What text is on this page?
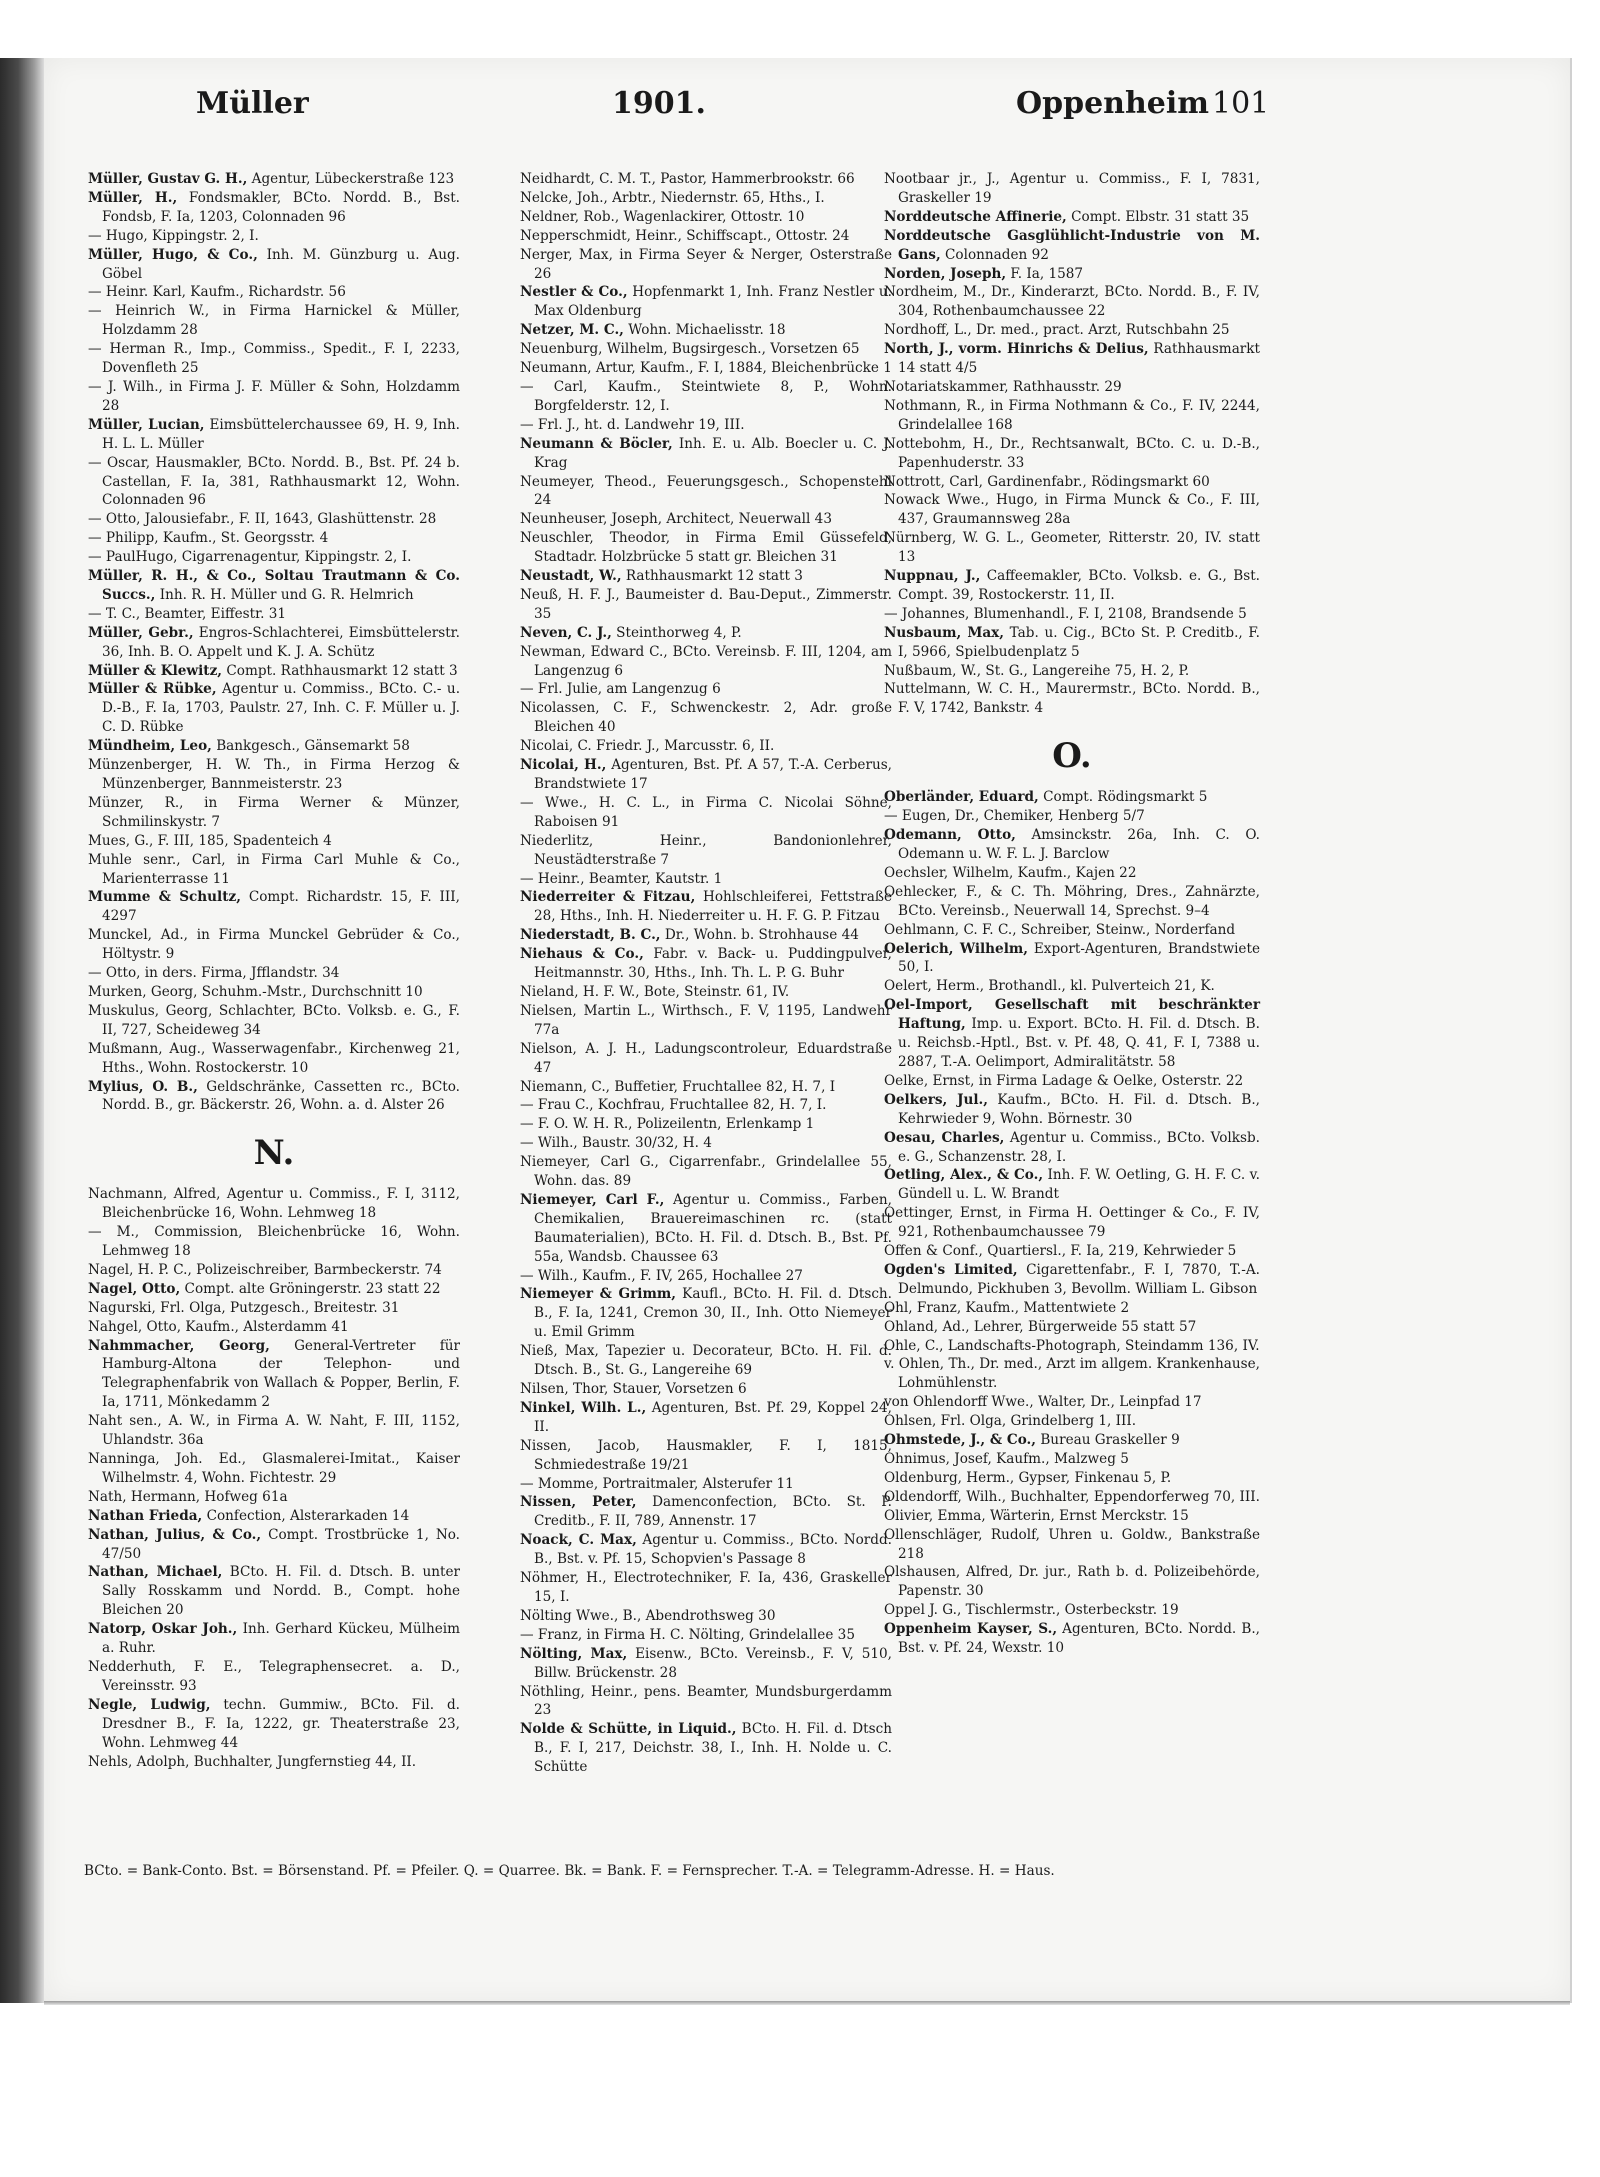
Müller	1901.	Oppenheim 101

Müller, Gustav G. H., Agentur, Lübeckerstraße 123

Müller, H., Fondsmakler, BCto. Nordd. B., Bst. Fondsb, F. Ia, 1203, Colonnaden 96

— Hugo, Kippingstr. 2, I.

Müller, Hugo, & Co., Inh. M. Günzburg u. Aug. Göbel

— Heinr. Karl, Kaufm., Richardstr. 56

— Heinrich W., in Firma Harnickel & Müller, Holzdamm 28

— Herman R., Imp., Commiss., Spedit., F. I, 2233, Dovenfleth 25

— J. Wilh., in Firma J. F. Müller & Sohn, Holzdamm 28

Müller, Lucian, Eimsbüttelerchaussee 69, H. 9, Inh. H. L. L. Müller

— Oscar, Hausmakler, BCto. Nordd. B., Bst. Pf. 24 b. Castellan, F. Ia, 381, Rathhausmarkt 12, Wohn. Colonnaden 96

— Otto, Jalousiefabr., F. II, 1643, Glashüttenstr. 28

— Philipp, Kaufm., St. Georgsstr. 4

— PaulHugo, Cigarrenagentur, Kippingstr. 2, I.

Müller, R. H., & Co., Soltau Trautmann & Co. Succs., Inh. R. H. Müller und G. R. Helmrich

— T. C., Beamter, Eiffestr. 31

Müller, Gebr., Engros-Schlachterei, Eimsbüttelerstr. 36, Inh. B. O. Appelt und K. J. A. Schütz

Müller & Klewitz, Compt. Rathhausmarkt 12 statt 3

Müller & Rübke, Agentur u. Commiss., BCto. C.- u. D.-B., F. Ia, 1703, Paulstr. 27, Inh. C. F. Müller u. J. C. D. Rübke

Mündheim, Leo, Bankgesch., Gänsemarkt 58

Münzenberger, H. W. Th., in Firma Herzog & Münzenberger, Bannmeisterstr. 23

Münzer, R., in Firma Werner & Münzer, Schmilinskystr. 7

Mues, G., F. III, 185, Spadenteich 4

Muhle senr., Carl, in Firma Carl Muhle & Co., Marienterrasse 11

Mumme & Schultz, Compt. Richardstr. 15, F. III, 4297

Munckel, Ad., in Firma Munckel Gebrüder & Co., Höltystr. 9

— Otto, in ders. Firma, Jfflandstr. 34

Murken, Georg, Schuhm.-Mstr., Durchschnitt 10

Muskulus, Georg, Schlachter, BCto. Volksb. e. G., F. II, 727, Scheideweg 34

Mußmann, Aug., Wasserwagenfabr., Kirchenweg 21, Hths., Wohn. Rostockerstr. 10

Mylius, O. B., Geldschränke, Cassetten rc., BCto. Nordd. B., gr. Bäckerstr. 26, Wohn. a. d. Alster 26

N.

Nachmann, Alfred, Agentur u. Commiss., F. I, 3112, Bleichenbrücke 16, Wohn. Lehmweg 18

— M., Commission, Bleichenbrücke 16, Wohn. Lehmweg 18

Nagel, H. P. C., Polizeischreiber, Barmbeckerstr. 74

Nagel, Otto, Compt. alte Gröningerstr. 23 statt 22

Nagurski, Frl. Olga, Putzgesch., Breitestr. 31

Nahgel, Otto, Kaufm., Alsterdamm 41

Nahmmacher, Georg, General-Vertreter für Hamburg-Altona der Telephon- und Telegraphenfabrik von Wallach & Popper, Berlin, F. Ia, 1711, Mönkedamm 2

Naht sen., A. W., in Firma A. W. Naht, F. III, 1152, Uhlandstr. 36a

Nanninga, Joh. Ed., Glasmalerei-Imitat., Kaiser Wilhelmstr. 4, Wohn. Fichtestr. 29

Nath, Hermann, Hofweg 61a

Nathan Frieda, Confection, Alsterarkaden 14

Nathan, Julius, & Co., Compt. Trostbrücke 1, No. 47/50

Nathan, Michael, BCto. H. Fil. d. Dtsch. B. unter Sally Rosskamm und Nordd. B., Compt. hohe Bleichen 20

Natorp, Oskar Joh., Inh. Gerhard Kückeu, Mülheim a. Ruhr.

Nedderhuth, F. E., Telegraphensecret. a. D., Vereinsstr. 93

Negle, Ludwig, techn. Gummiw., BCto. Fil. d. Dresdner B., F. Ia, 1222, gr. Theaterstraße 23, Wohn. Lehmweg 44

Nehls, Adolph, Buchhalter, Jungfernstieg 44, II.

Neidhardt, C. M. T., Pastor, Hammerbrookstr. 66

Nelcke, Joh., Arbtr., Niedernstr. 65, Hths., I.

Neldner, Rob., Wagenlackirer, Ottostr. 10

Nepperschmidt, Heinr., Schiffscapt., Ottostr. 24

Nerger, Max, in Firma Seyer & Nerger, Osterstraße 26

Nestler & Co., Hopfenmarkt 1, Inh. Franz Nestler u. Max Oldenburg

Netzer, M. C., Wohn. Michaelisstr. 18

Neuenburg, Wilhelm, Bugsirgesch., Vorsetzen 65

Neumann, Artur, Kaufm., F. I, 1884, Bleichenbrücke 1

— Carl, Kaufm., Steintwiete 8, P., Wohn. Borgfelderstr. 12, I.

— Frl. J., ht. d. Landwehr 19, III.

Neumann & Böcler, Inh. E. u. Alb. Boecler u. C. J. Krag

Neumeyer, Theod., Feuerungsgesch., Schopenstehl 24

Neunheuser, Joseph, Architect, Neuerwall 43

Neuschler, Theodor, in Firma Emil Güssefeld, Stadtadr. Holzbrücke 5 statt gr. Bleichen 31

Neustadt, W., Rathhausmarkt 12 statt 3

Neuß, H. F. J., Baumeister d. Bau-Deput., Zimmerstr. 35

Neven, C. J., Steinthorweg 4, P.

Newman, Edward C., BCto. Vereinsb. F. III, 1204, am Langenzug 6

— Frl. Julie, am Langenzug 6

Nicolassen, C. F., Schwenckestr. 2, Adr. große Bleichen 40

Nicolai, C. Friedr. J., Marcusstr. 6, II.

Nicolai, H., Agenturen, Bst. Pf. A 57, T.-A. Cerberus, Brandstwiete 17

— Wwe., H. C. L., in Firma C. Nicolai Söhne, Raboisen 91

Niederlitz, Heinr., Bandonionlehrer, Neustädterstraße 7

— Heinr., Beamter, Kautstr. 1

Niederreiter & Fitzau, Hohlschleiferei, Fettstraße 28, Hths., Inh. H. Niederreiter u. H. F. G. P. Fitzau

Niederstadt, B. C., Dr., Wohn. b. Strohhause 44

Niehaus & Co., Fabr. v. Back- u. Puddingpulver, Heitmannstr. 30, Hths., Inh. Th. L. P. G. Buhr

Nieland, H. F. W., Bote, Steinstr. 61, IV.

Nielsen, Martin L., Wirthsch., F. V, 1195, Landwehr 77a

Nielson, A. J. H., Ladungscontroleur, Eduardstraße 47

Niemann, C., Buffetier, Fruchtallee 82, H. 7, I

— Frau C., Kochfrau, Fruchtallee 82, H. 7, I.

— F. O. W. H. R., Polizeilentn, Erlenkamp 1

— Wilh., Baustr. 30/32, H. 4

Niemeyer, Carl G., Cigarrenfabr., Grindelallee 55, Wohn. das. 89

Niemeyer, Carl F., Agentur u. Commiss., Farben, Chemikalien, Brauereimaschinen rc. (statt Baumaterialien), BCto. H. Fil. d. Dtsch. B., Bst. Pf. 55a, Wandsb. Chaussee 63

— Wilh., Kaufm., F. IV, 265, Hochallee 27

Niemeyer & Grimm, Kaufl., BCto. H. Fil. d. Dtsch. B., F. Ia, 1241, Cremon 30, II., Inh. Otto Niemeyer u. Emil Grimm

Nieß, Max, Tapezier u. Decorateur, BCto. H. Fil. d. Dtsch. B., St. G., Langereihe 69

Nilsen, Thor, Stauer, Vorsetzen 6

Ninkel, Wilh. L., Agenturen, Bst. Pf. 29, Koppel 24, II.

Nissen, Jacob, Hausmakler, F. I, 1815, Schmiedestraße 19/21

— Momme, Portraitmaler, Alsterufer 11

Nissen, Peter, Damenconfection, BCto. St. P. Creditb., F. II, 789, Annenstr. 17

Noack, C. Max, Agentur u. Commiss., BCto. Nordd. B., Bst. v. Pf. 15, Schopvien's Passage 8

Nöhmer, H., Electrotechniker, F. Ia, 436, Graskeller 15, I.

Nölting Wwe., B., Abendrothsweg 30

— Franz, in Firma H. C. Nölting, Grindelallee 35

Nölting, Max, Eisenw., BCto. Vereinsb., F. V, 510, Billw. Brückenstr. 28

Nöthling, Heinr., pens. Beamter, Mundsburgerdamm 23

Nolde & Schütte, in Liquid., BCto. H. Fil. d. Dtsch B., F. I, 217, Deichstr. 38, I., Inh. H. Nolde u. C. Schütte

Nootbaar jr., J., Agentur u. Commiss., F. I, 7831, Graskeller 19

Norddeutsche Affinerie, Compt. Elbstr. 31 statt 35

Norddeutsche Gasglühlicht-Industrie von M. Gans, Colonnaden 92

Norden, Joseph, F. Ia, 1587

Nordheim, M., Dr., Kinderarzt, BCto. Nordd. B., F. IV, 304, Rothenbaumchaussee 22

Nordhoff, L., Dr. med., pract. Arzt, Rutschbahn 25

North, J., vorm. Hinrichs & Delius, Rathhausmarkt 14 statt 4/5

Notariatskammer, Rathhausstr. 29

Nothmann, R., in Firma Nothmann & Co., F. IV, 2244, Grindelallee 168

Nottebohm, H., Dr., Rechtsanwalt, BCto. C. u. D.-B., Papenhuderstr. 33

Nottrott, Carl, Gardinenfabr., Rödingsmarkt 60

Nowack Wwe., Hugo, in Firma Munck & Co., F. III, 437, Graumannsweg 28a

Nürnberg, W. G. L., Geometer, Ritterstr. 20, IV. statt 13

Nuppnau, J., Caffeemakler, BCto. Volksb. e. G., Bst. Compt. 39, Rostockerstr. 11, II.

— Johannes, Blumenhandl., F. I, 2108, Brandsende 5

Nusbaum, Max, Tab. u. Cig., BCto St. P. Creditb., F. I, 5966, Spielbudenplatz 5

Nußbaum, W., St. G., Langereihe 75, H. 2, P.

Nuttelmann, W. C. H., Maurermstr., BCto. Nordd. B., F. V, 1742, Bankstr. 4

O.

Oberländer, Eduard, Compt. Rödingsmarkt 5

— Eugen, Dr., Chemiker, Henberg 5/7

Odemann, Otto, Amsinckstr. 26a, Inh. C. O. Odemann u. W. F. L. J. Barclow

Oechsler, Wilhelm, Kaufm., Kajen 22

Oehlecker, F., & C. Th. Möhring, Dres., Zahnärzte, BCto. Vereinsb., Neuerwall 14, Sprechst. 9–4

Oehlmann, C. F. C., Schreiber, Steinw., Norderfand

Oelerich, Wilhelm, Export-Agenturen, Brandstwiete 50, I.

Oelert, Herm., Brothandl., kl. Pulverteich 21, K.

Oel-Import, Gesellschaft mit beschränkter Haftung, Imp. u. Export. BCto. H. Fil. d. Dtsch. B. u. Reichsb.-Hptl., Bst. v. Pf. 48, Q. 41, F. I, 7388 u. 2887, T.-A. Oelimport, Admiralitätstr. 58

Oelke, Ernst, in Firma Ladage & Oelke, Osterstr. 22

Oelkers, Jul., Kaufm., BCto. H. Fil. d. Dtsch. B., Kehrwieder 9, Wohn. Börnestr. 30

Oesau, Charles, Agentur u. Commiss., BCto. Volksb. e. G., Schanzenstr. 28, I.

Oetling, Alex., & Co., Inh. F. W. Oetling, G. H. F. C. v. Gündell u. L. W. Brandt

Oettinger, Ernst, in Firma H. Oettinger & Co., F. IV, 921, Rothenbaumchaussee 79

Offen & Conf., Quartiersl., F. Ia, 219, Kehrwieder 5

Ogden's Limited, Cigarettenfabr., F. I, 7870, T.-A. Delmundo, Pickhuben 3, Bevollm. William L. Gibson

Ohl, Franz, Kaufm., Mattentwiete 2

Ohland, Ad., Lehrer, Bürgerweide 55 statt 57

Ohle, C., Landschafts-Photograph, Steindamm 136, IV.

v. Ohlen, Th., Dr. med., Arzt im allgem. Krankenhause, Lohmühlenstr.

von Ohlendorff Wwe., Walter, Dr., Leinpfad 17

Ohlsen, Frl. Olga, Grindelberg 1, III.

Ohmstede, J., & Co., Bureau Graskeller 9

Ohnimus, Josef, Kaufm., Malzweg 5

Oldenburg, Herm., Gypser, Finkenau 5, P.

Oldendorff, Wilh., Buchhalter, Eppendorferweg 70, III.

Olivier, Emma, Wärterin, Ernst Merckstr. 15

Ollenschläger, Rudolf, Uhren u. Goldw., Bankstraße 218

Olshausen, Alfred, Dr. jur., Rath b. d. Polizeibehörde, Papenstr. 30

Oppel J. G., Tischlermstr., Osterbeckstr. 19

Oppenheim Kayser, S., Agenturen, BCto. Nordd. B., Bst. v. Pf. 24, Wexstr. 10

BCto. = Bank-Conto. Bst. = Börsenstand. Pf. = Pfeiler. Q. = Quarree. Bk. = Bank. F. = Fernsprecher. T.-A. = Telegramm-Adresse. H. = Haus.
